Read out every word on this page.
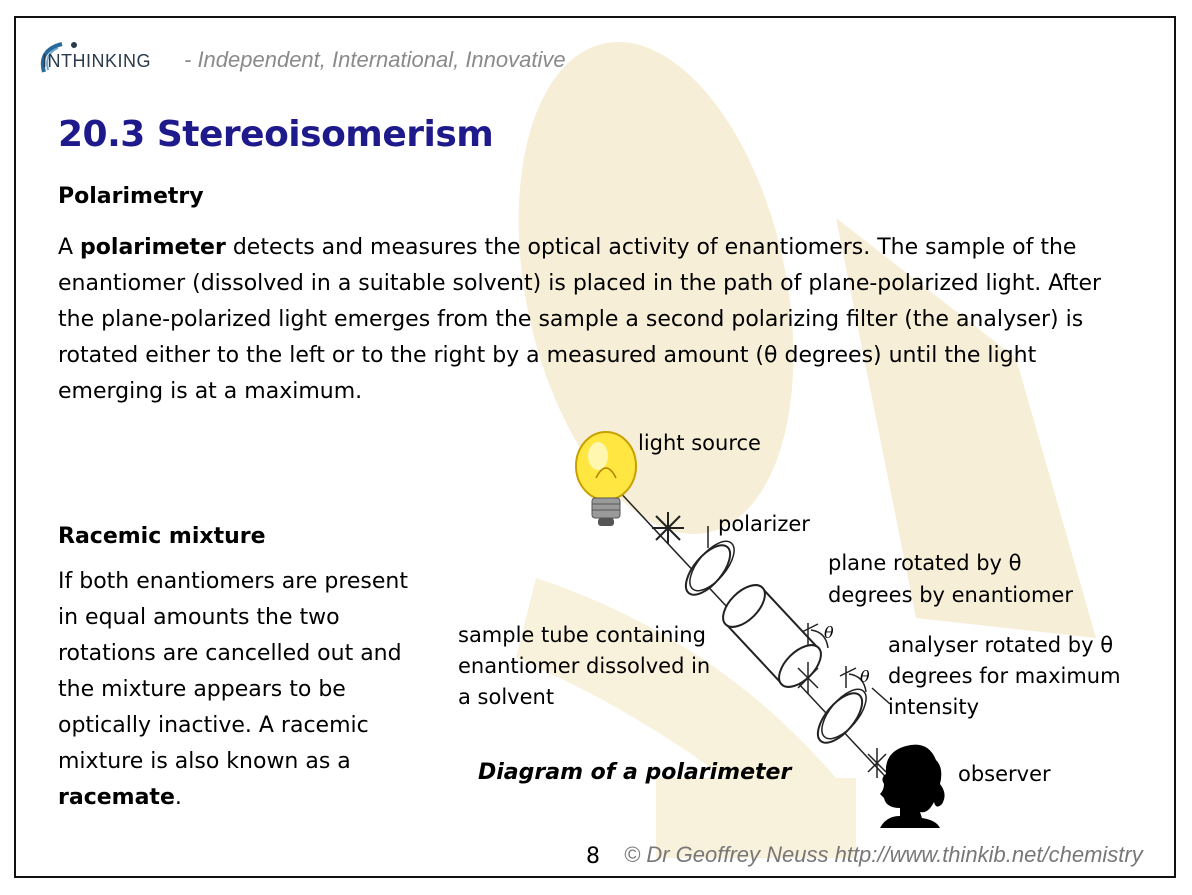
INTHINKING - Independent, International, Innovative
20.3 Stereoisomerism
Polarimetry
A polarimeter detects and measures the optical activity of enantiomers. The sample of the enantiomer (dissolved in a suitable solvent) is placed in the path of plane-polarized light. After the plane-polarized light emerges from the sample a second polarizing filter (the analyser) is rotated either to the left or to the right by a measured amount (θ degrees) until the light emerging is at a maximum.
Racemic mixture
If both enantiomers are present in equal amounts the two rotations are cancelled out and the mixture appears to be optically inactive. A racemic mixture is also known as a racemate.
θ
θ
light source
polarizer
plane rotated by θ
degrees by enantiomer
sample tube containing
enantiomer dissolved in
a solvent
analyser rotated by θ
degrees for maximum
intensity
observer
Diagram of a polarimeter
8 © Dr Geoffrey Neuss http://www.thinkib.net/chemistry
